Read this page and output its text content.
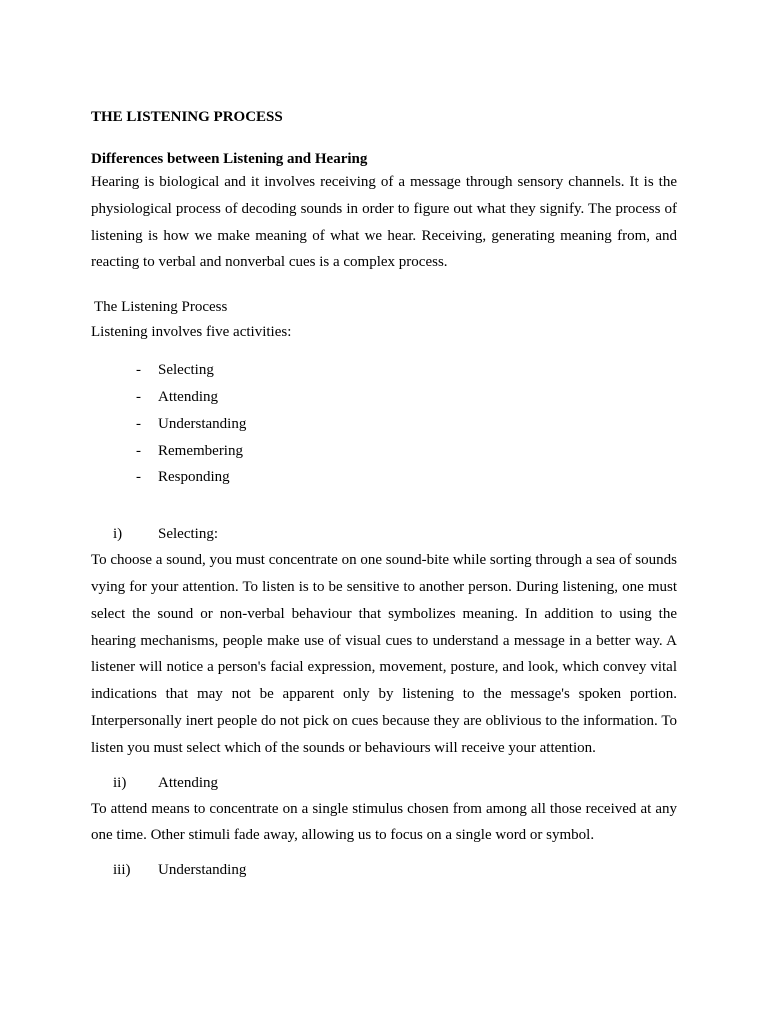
THE LISTENING PROCESS

Differences between Listening and Hearing

Hearing is biological and it involves receiving of a message through sensory channels. It is the physiological process of decoding sounds in order to figure out what they signify. The process of listening is how we make meaning of what we hear. Receiving, generating meaning from, and reacting to verbal and nonverbal cues is a complex process.

The Listening Process

Listening involves five activities:

-	Selecting
-	Attending
-	Understanding
-	Remembering
-	Responding
i)	Selecting:

To choose a sound, you must concentrate on one sound-bite while sorting through a sea of sounds vying for your attention. To listen is to be sensitive to another person. During listening, one must select the sound or non-verbal behaviour that symbolizes meaning. In addition to using the hearing mechanisms, people make use of visual cues to understand a message in a better way. A listener will notice a person's facial expression, movement, posture, and look, which convey vital indications that may not be apparent only by listening to the message's spoken portion. Interpersonally inert people do not pick on cues because they are oblivious to the information. To listen you must select which of the sounds or behaviours will receive your attention.

ii)	Attending

To attend means to concentrate on a single stimulus chosen from among all those received at any one time. Other stimuli fade away, allowing us to focus on a single word or symbol.

iii)	Understanding
